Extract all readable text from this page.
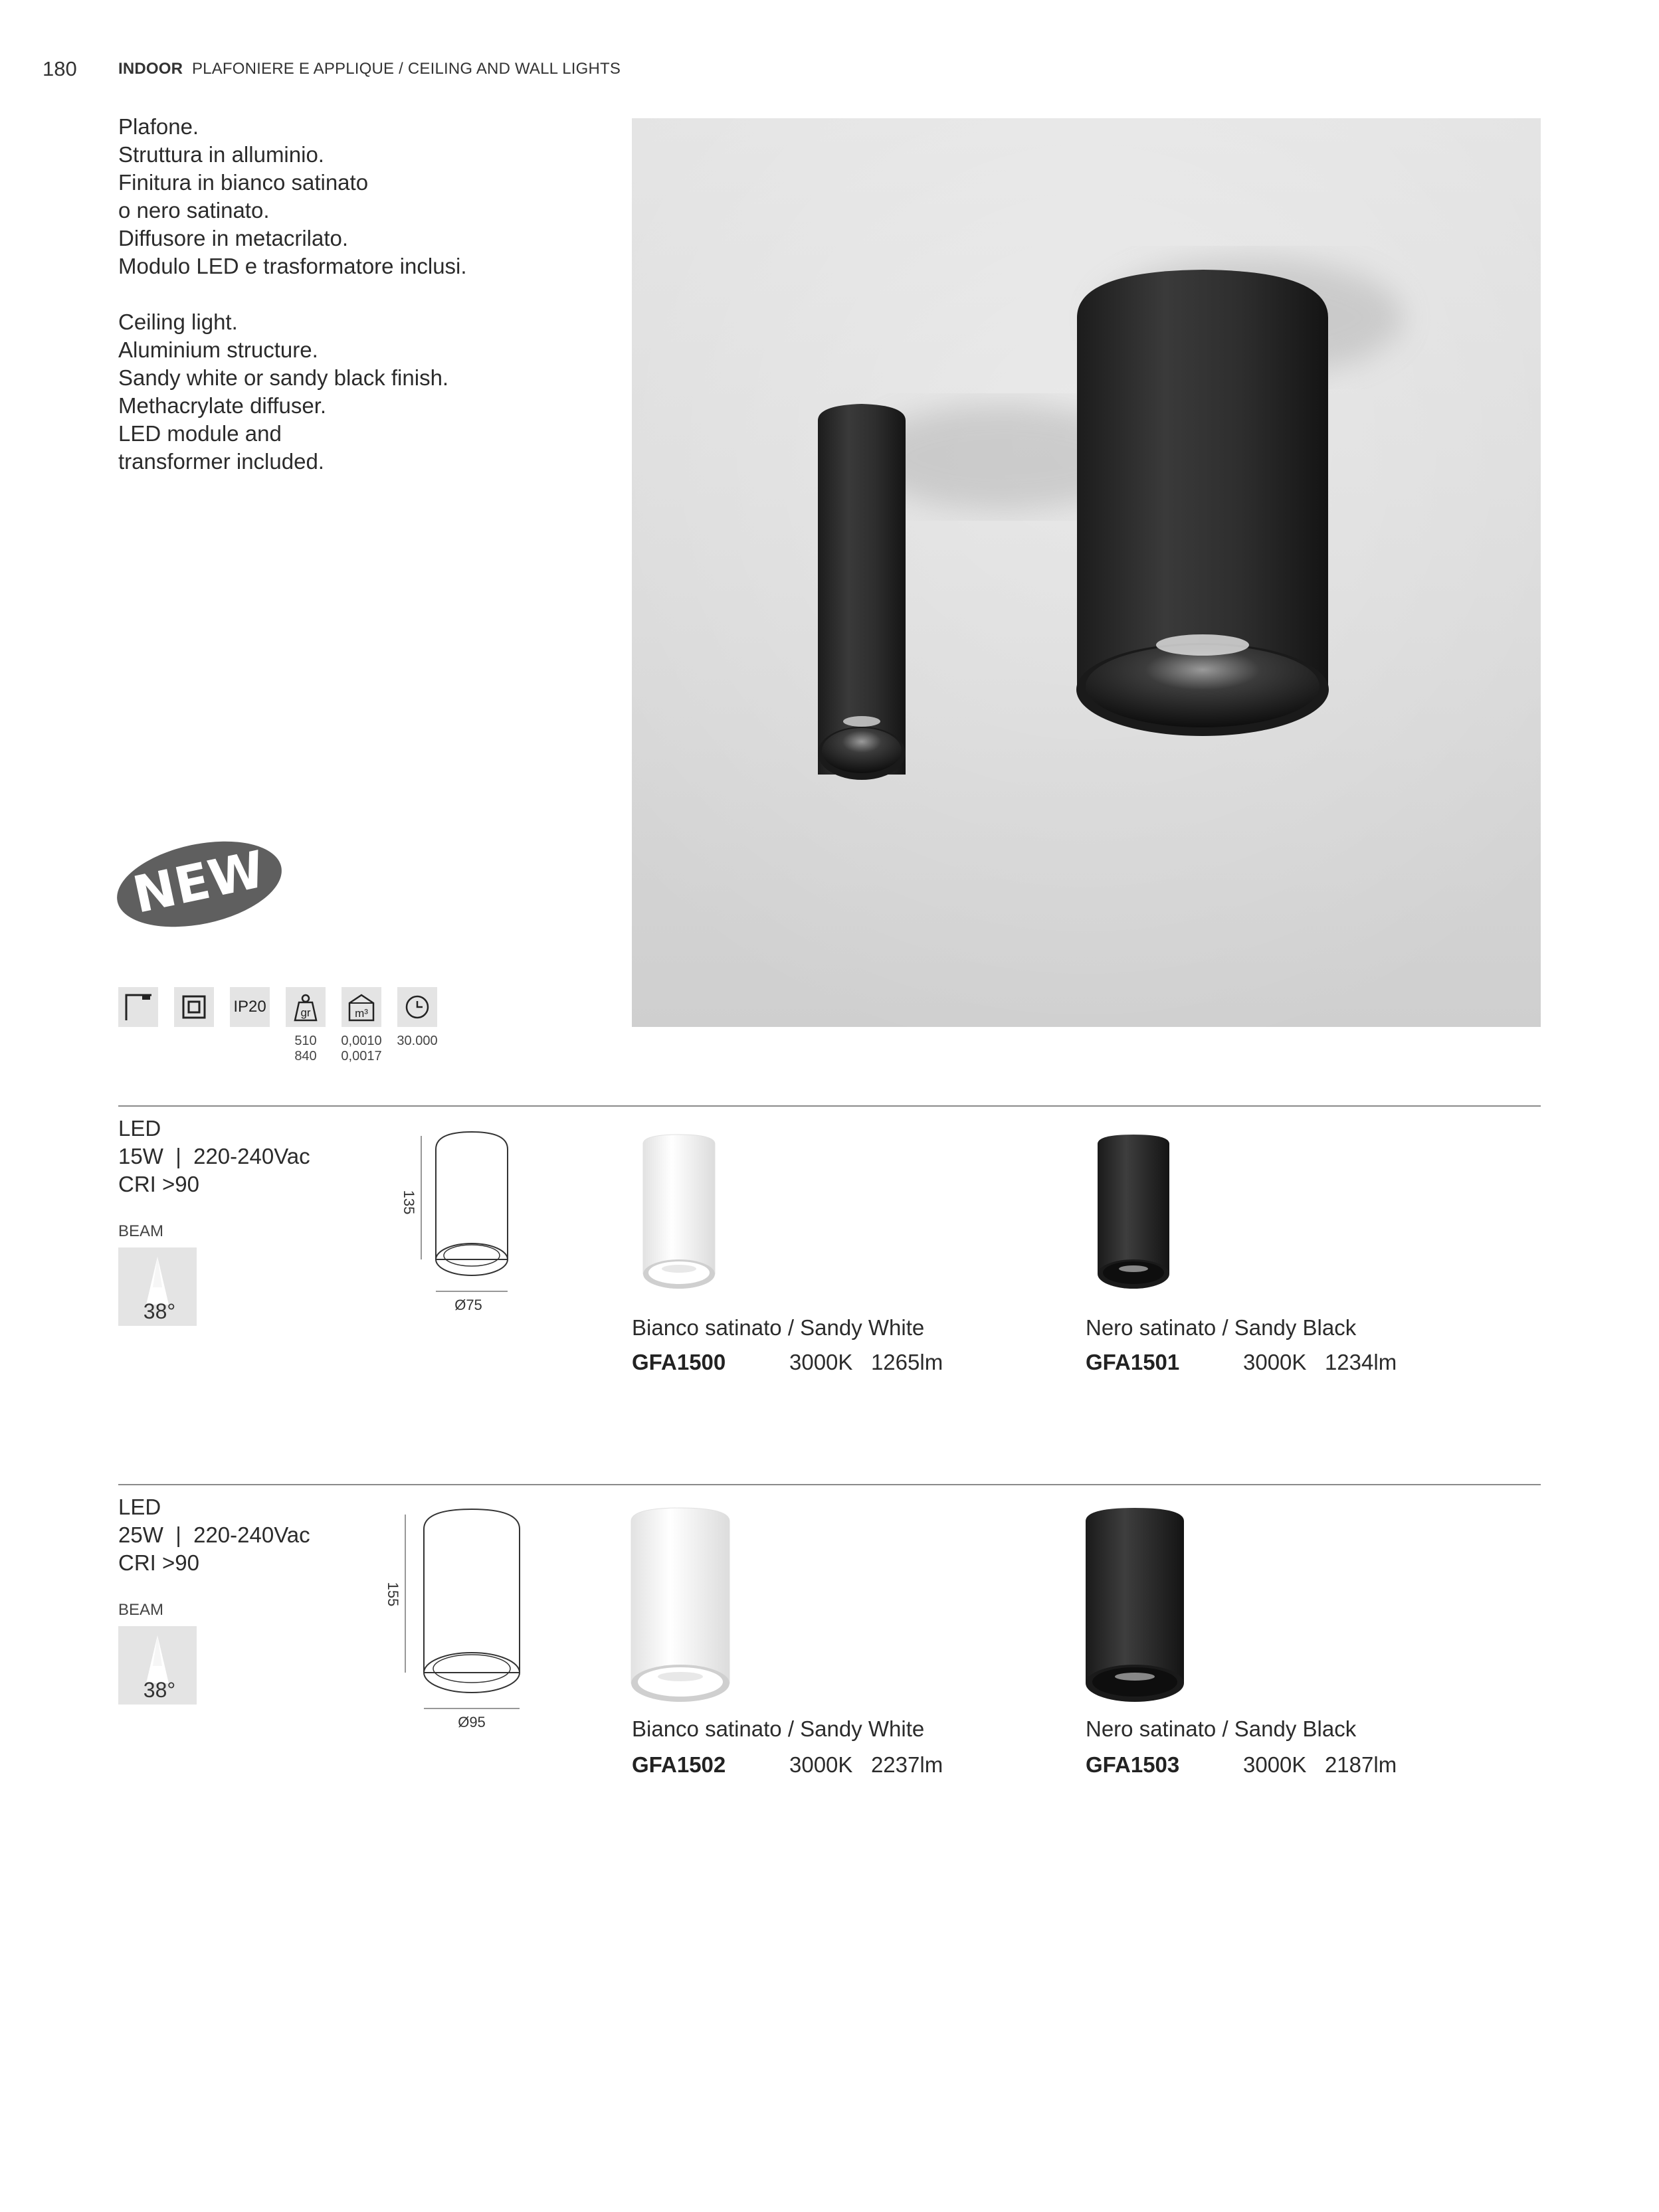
180	INDOOR PLAFONIERE E APPLIQUE / CEILING AND WALL LIGHTS
Plafone.
Struttura in alluminio.
Finitura in bianco satinato
o nero satinato.
Diffusore in metacrilato.
Modulo LED e trasformatore inclusi.
Ceiling light.
Aluminium structure.
Sandy white or sandy black finish.
Methacrylate diffuser.
LED module and
transformer included.
NEW
IP20	gr	m³
510
840
0,0010
0,0017
30.000
LED
15W  |  220-240Vac
CRI >90
BEAM
38°
135
Ø75
Bianco satinato / Sandy White
GFA1500	3000K 1265lm
Nero satinato / Sandy Black
GFA1501	3000K 1234lm
LED
25W  |  220-240Vac
CRI >90
BEAM
38°
155
Ø95	Bianco satinato / Sandy White
GFA1502	3000K 2237lm
Nero satinato / Sandy Black
GFA1503	3000K 2187lm
